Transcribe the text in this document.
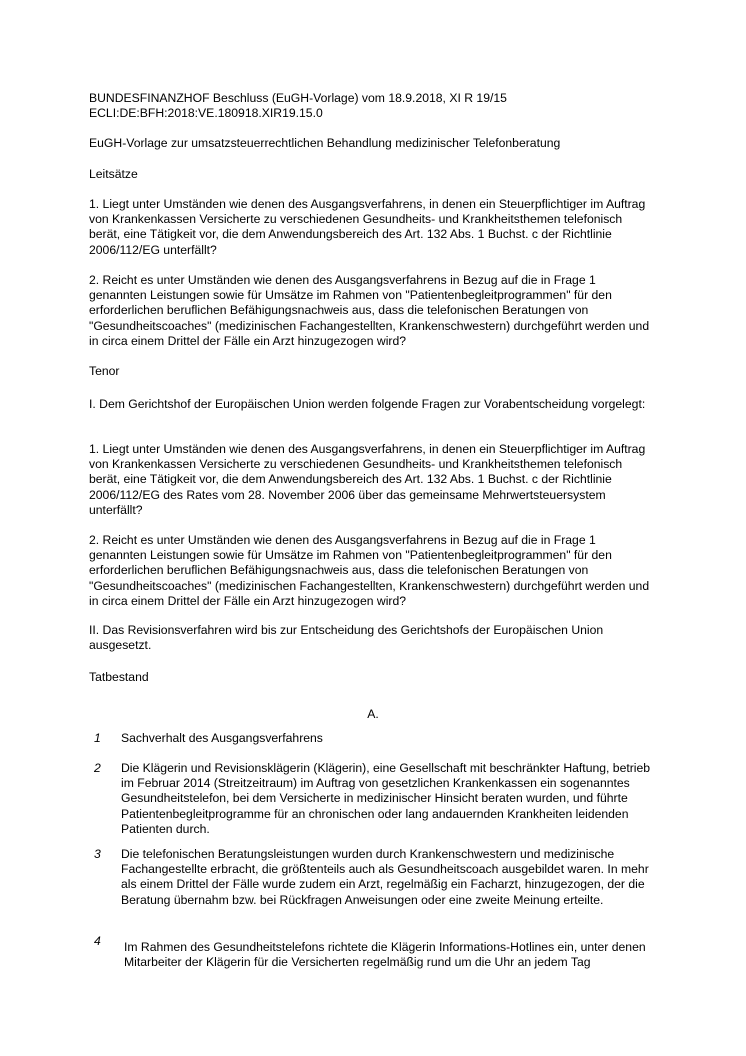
BUNDESFINANZHOF Beschluss (EuGH-Vorlage) vom 18.9.2018, XI R 19/15

ECLI:DE:BFH:2018:VE.180918.XIR19.15.0

EuGH-Vorlage zur umsatzsteuerrechtlichen Behandlung medizinischer Telefonberatung

Leitsätze

1. Liegt unter Umständen wie denen des Ausgangsverfahrens, in denen ein Steuerpflichtiger im Auftrag von Krankenkassen Versicherte zu verschiedenen Gesundheits- und Krankheitsthemen telefonisch berät, eine Tätigkeit vor, die dem Anwendungsbereich des Art. 132 Abs. 1 Buchst. c der Richtlinie 2006/112/EG unterfällt?

2. Reicht es unter Umständen wie denen des Ausgangsverfahrens in Bezug auf die in Frage 1 genannten Leistungen sowie für Umsätze im Rahmen von "Patientenbegleitprogrammen" für den erforderlichen beruflichen Befähigungsnachweis aus, dass die telefonischen Beratungen von "Gesundheitscoaches" (medizinischen Fachangestellten, Krankenschwestern) durchgeführt werden und in circa einem Drittel der Fälle ein Arzt hinzugezogen wird?

Tenor

I. Dem Gerichtshof der Europäischen Union werden folgende Fragen zur Vorabentscheidung vorgelegt:

1. Liegt unter Umständen wie denen des Ausgangsverfahrens, in denen ein Steuerpflichtiger im Auftrag von Krankenkassen Versicherte zu verschiedenen Gesundheits- und Krankheitsthemen telefonisch berät, eine Tätigkeit vor, die dem Anwendungsbereich des Art. 132 Abs. 1 Buchst. c der Richtlinie 2006/112/EG des Rates vom 28. November 2006 über das gemeinsame Mehrwertsteuersystem unterfällt?

2. Reicht es unter Umständen wie denen des Ausgangsverfahrens in Bezug auf die in Frage 1 genannten Leistungen sowie für Umsätze im Rahmen von "Patientenbegleitprogrammen" für den erforderlichen beruflichen Befähigungsnachweis aus, dass die telefonischen Beratungen von "Gesundheitscoaches" (medizinischen Fachangestellten, Krankenschwestern) durchgeführt werden und in circa einem Drittel der Fälle ein Arzt hinzugezogen wird?

II. Das Revisionsverfahren wird bis zur Entscheidung des Gerichtshofs der Europäischen Union ausgesetzt.

Tatbestand

A.

1 Sachverhalt des Ausgangsverfahrens

2 Die Klägerin und Revisionsklägerin (Klägerin), eine Gesellschaft mit beschränkter Haftung, betrieb im Februar 2014 (Streitzeitraum) im Auftrag von gesetzlichen Krankenkassen ein sogenanntes Gesundheitstelefon, bei dem Versicherte in medizinischer Hinsicht beraten wurden, und führte Patientenbegleitprogramme für an chronischen oder lang andauernden Krankheiten leidenden Patienten durch.

3 Die telefonischen Beratungsleistungen wurden durch Krankenschwestern und medizinische Fachangestellte erbracht, die größtenteils auch als Gesundheitscoach ausgebildet waren. In mehr als einem Drittel der Fälle wurde zudem ein Arzt, regelmäßig ein Facharzt, hinzugezogen, der die Beratung übernahm bzw. bei Rückfragen Anweisungen oder eine zweite Meinung erteilte.

4 Im Rahmen des Gesundheitstelefons richtete die Klägerin Informations-Hotlines ein, unter denen Mitarbeiter der Klägerin für die Versicherten regelmäßig rund um die Uhr an jedem Tag
